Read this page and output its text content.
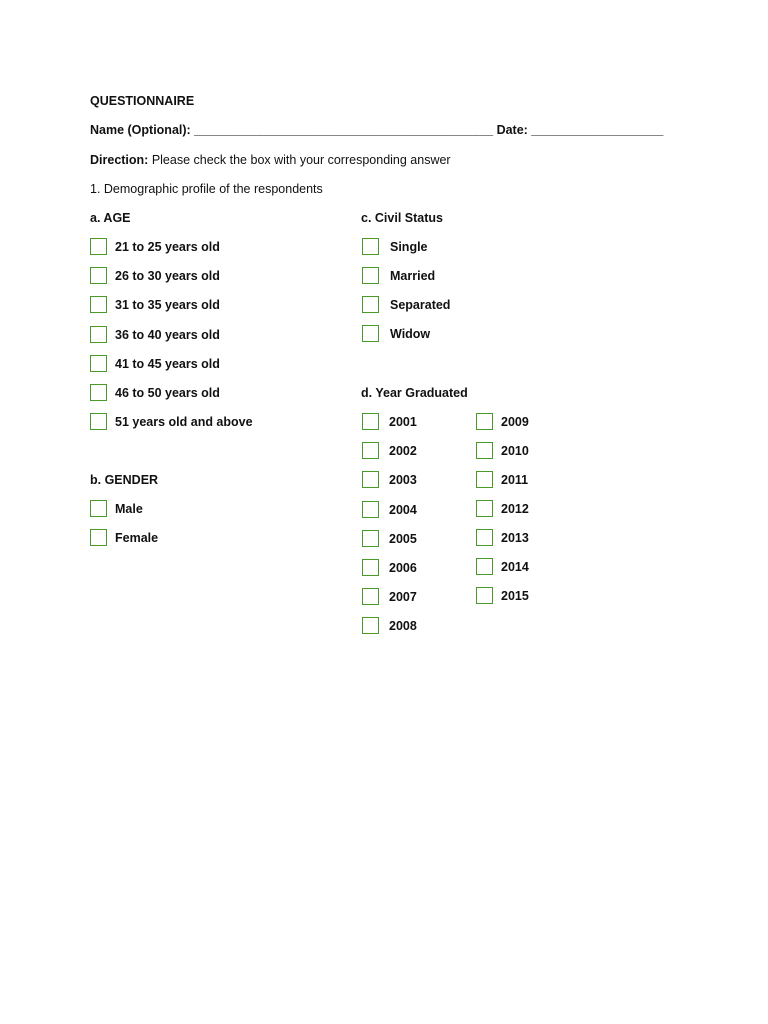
QUESTIONNAIRE
Name (Optional): ___________________________________________ Date: ___________________
Direction: Please check the box with your corresponding answer
1. Demographic profile of the respondents
a. AGE
21 to 25 years old
26 to 30 years old
31 to 35 years old
36 to 40 years old
41 to 45 years old
46 to 50 years old
51 years old and above
b. GENDER
Male
Female
c. Civil Status
Single
Married
Separated
Widow
d. Year Graduated
2001
2002
2003
2004
2005
2006
2007
2008
2009
2010
2011
2012
2013
2014
2015
